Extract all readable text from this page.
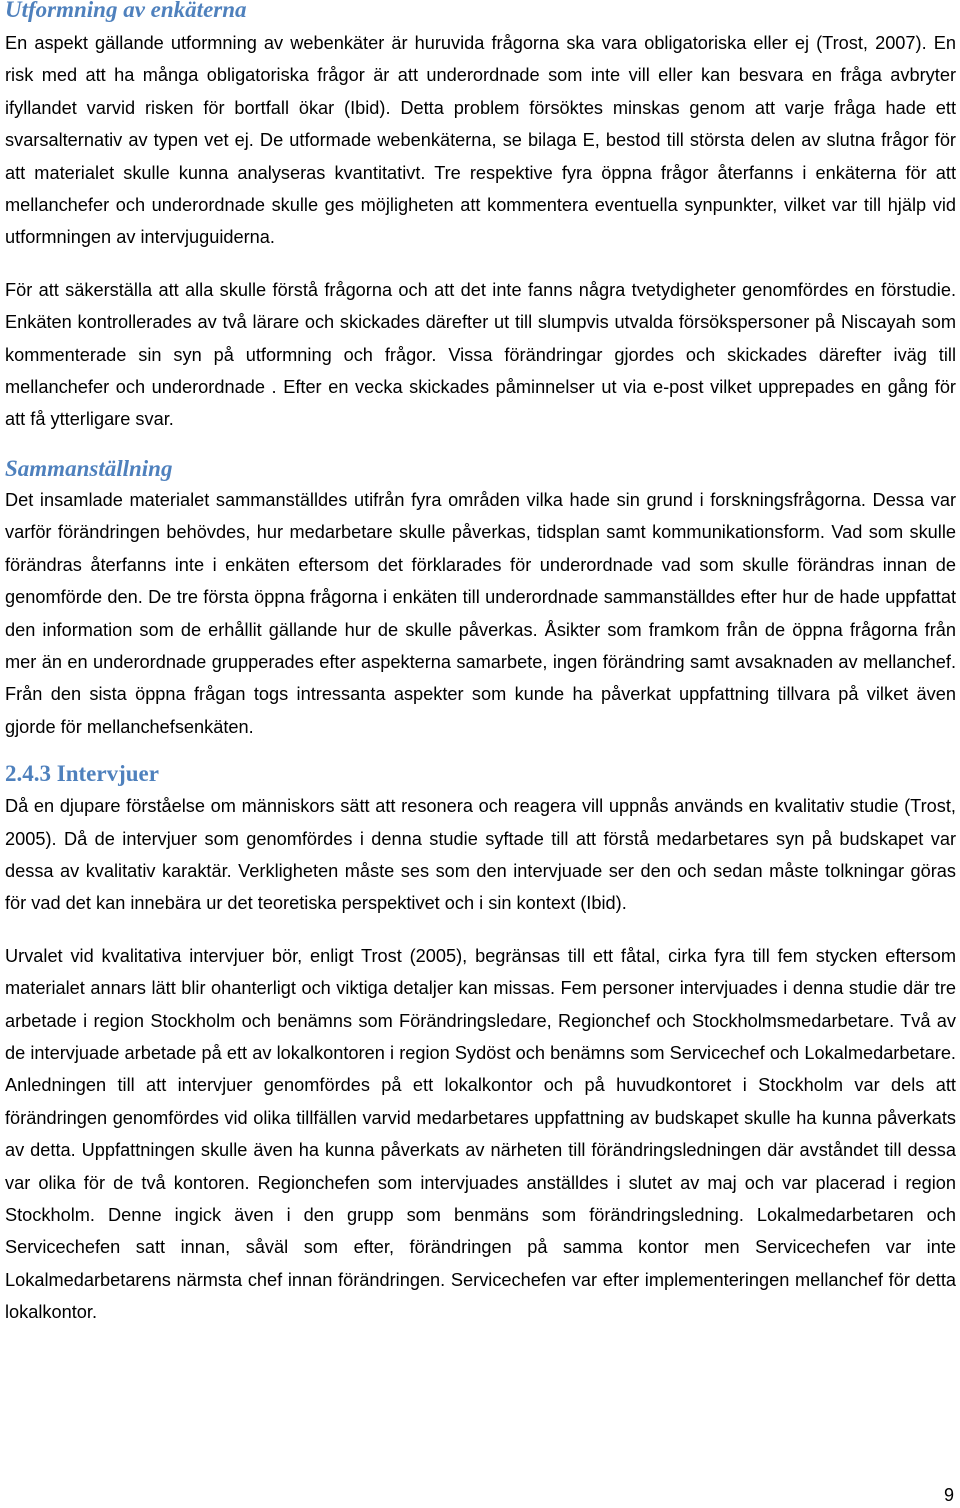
Utformning av enkäterna

En aspekt gällande utformning av webenkäter är huruvida frågorna ska vara obligatoriska eller ej (Trost, 2007). En risk med att ha många obligatoriska frågor är att underordnade som inte vill eller kan besvara en fråga avbryter ifyllandet varvid risken för bortfall ökar (Ibid). Detta problem försöktes minskas genom att varje fråga hade ett svarsalternativ av typen vet ej. De utformade webenkäterna, se bilaga E, bestod till största delen av slutna frågor för att materialet skulle kunna analyseras kvantitativt. Tre respektive fyra öppna frågor återfanns i enkäterna för att mellanchefer och underordnade skulle ges möjligheten att kommentera eventuella synpunkter, vilket var till hjälp vid utformningen av intervjuguiderna.

För att säkerställa att alla skulle förstå frågorna och att det inte fanns några tvetydigheter genomfördes en förstudie. Enkäten kontrollerades av två lärare och skickades därefter ut till slumpvis utvalda försökspersoner på Niscayah som kommenterade sin syn på utformning och frågor. Vissa förändringar gjordes och skickades därefter iväg till mellanchefer och underordnade . Efter en vecka skickades påminnelser ut via e-post vilket upprepades en gång för att få ytterligare svar.

Sammanställning

Det insamlade materialet sammanställdes utifrån fyra områden vilka hade sin grund i forskningsfrågorna. Dessa var varför förändringen behövdes, hur medarbetare skulle påverkas, tidsplan samt kommunikationsform. Vad som skulle förändras återfanns inte i enkäten eftersom det förklarades för underordnade vad som skulle förändras innan de genomförde den. De tre första öppna frågorna i enkäten till underordnade sammanställdes efter hur de hade uppfattat den information som de erhållit gällande hur de skulle påverkas. Åsikter som framkom från de öppna frågorna från mer än en underordnade grupperades efter aspekterna samarbete, ingen förändring samt avsaknaden av mellanchef. Från den sista öppna frågan togs intressanta aspekter som kunde ha påverkat uppfattning tillvara på vilket även gjorde för mellanchefsenkäten.

2.4.3 Intervjuer

Då en djupare förståelse om människors sätt att resonera och reagera vill uppnås används en kvalitativ studie (Trost, 2005). Då de intervjuer som genomfördes i denna studie syftade till att förstå medarbetares syn på budskapet var dessa av kvalitativ karaktär. Verkligheten måste ses som den intervjuade ser den och sedan måste tolkningar göras för vad det kan innebära ur det teoretiska perspektivet och i sin kontext (Ibid).

Urvalet vid kvalitativa intervjuer bör, enligt Trost (2005), begränsas till ett fåtal, cirka fyra till fem stycken eftersom materialet annars lätt blir ohanterligt och viktiga detaljer kan missas. Fem personer intervjuades i denna studie där tre arbetade i region Stockholm och benämns som Förändringsledare, Regionchef och Stockholmsmedarbetare. Två av de intervjuade arbetade på ett av lokalkontoren i region Sydöst och benämns som Servicechef och Lokalmedarbetare. Anledningen till att intervjuer genomfördes på ett lokalkontor och på huvudkontoret i Stockholm var dels att förändringen genomfördes vid olika tillfällen varvid medarbetares uppfattning av budskapet skulle ha kunna påverkats av detta. Uppfattningen skulle även ha kunna påverkats av närheten till förändringsledningen där avståndet till dessa var olika för de två kontoren. Regionchefen som intervjuades anställdes i slutet av maj och var placerad i region Stockholm. Denne ingick även i den grupp som benmäns som förändringsledning. Lokalmedarbetaren och Servicechefen satt innan, såväl som efter, förändringen på samma kontor men Servicechefen var inte Lokalmedarbetarens närmsta chef innan förändringen. Servicechefen var efter implementeringen mellanchef för detta lokalkontor.

9
